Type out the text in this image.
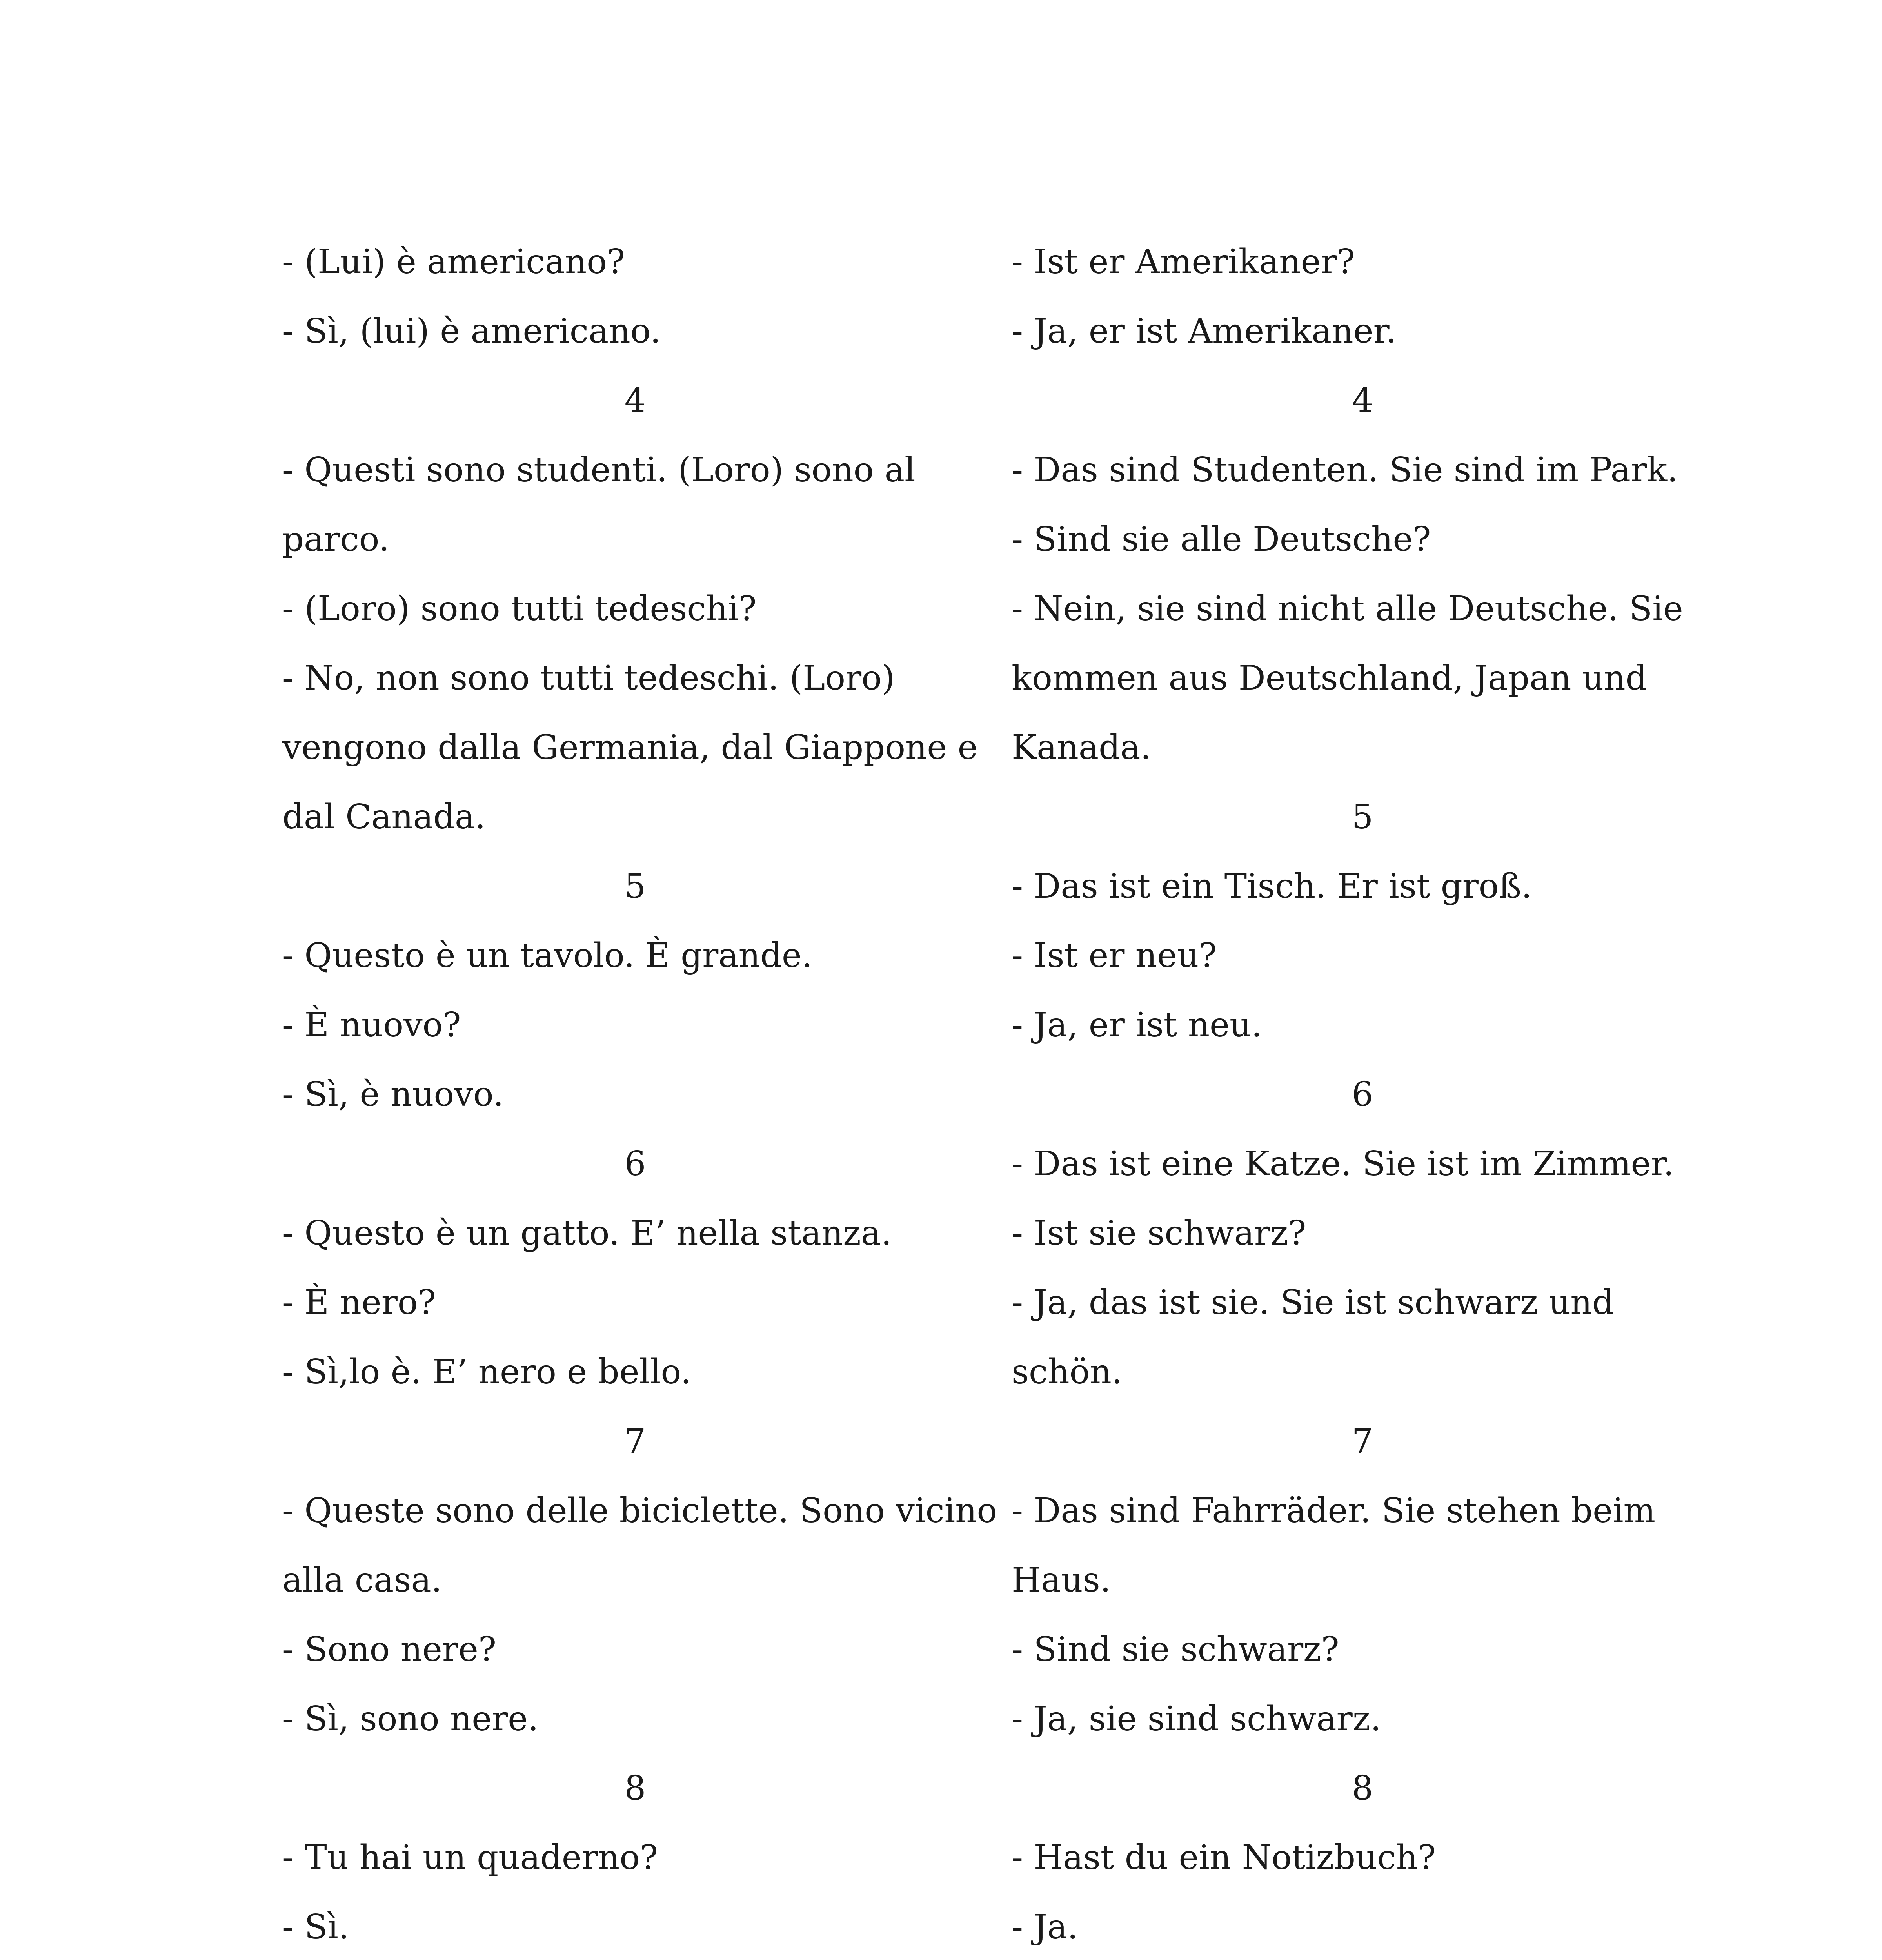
- (Lui) è americano?
- Sì, (lui) è americano.
4
- Questi sono studenti. (Loro) sono al
parco.
- (Loro) sono tutti tedeschi?
- No, non sono tutti tedeschi. (Loro)
vengono dalla Germania, dal Giappone e
dal Canada.
5
- Questo è un tavolo. È grande.
- È nuovo?
- Sì, è nuovo.
6
- Questo è un gatto. E’ nella stanza.
- È nero?
- Sì,lo è. E’ nero e bello.
7
- Queste sono delle biciclette. Sono vicino
alla casa.
- Sono nere?
- Sì, sono nere.
8
- Tu hai un quaderno?
- Sì.
- Ist er Amerikaner?
- Ja, er ist Amerikaner.
4
- Das sind Studenten. Sie sind im Park.
- Sind sie alle Deutsche?
- Nein, sie sind nicht alle Deutsche. Sie
kommen aus Deutschland, Japan und
Kanada.
5
- Das ist ein Tisch. Er ist groß.
- Ist er neu?
- Ja, er ist neu.
6
- Das ist eine Katze. Sie ist im Zimmer.
- Ist sie schwarz?
- Ja, das ist sie. Sie ist schwarz und
schön.
7
- Das sind Fahrräder. Sie stehen beim
Haus.
- Sind sie schwarz?
- Ja, sie sind schwarz.
8
- Hast du ein Notizbuch?
- Ja.
